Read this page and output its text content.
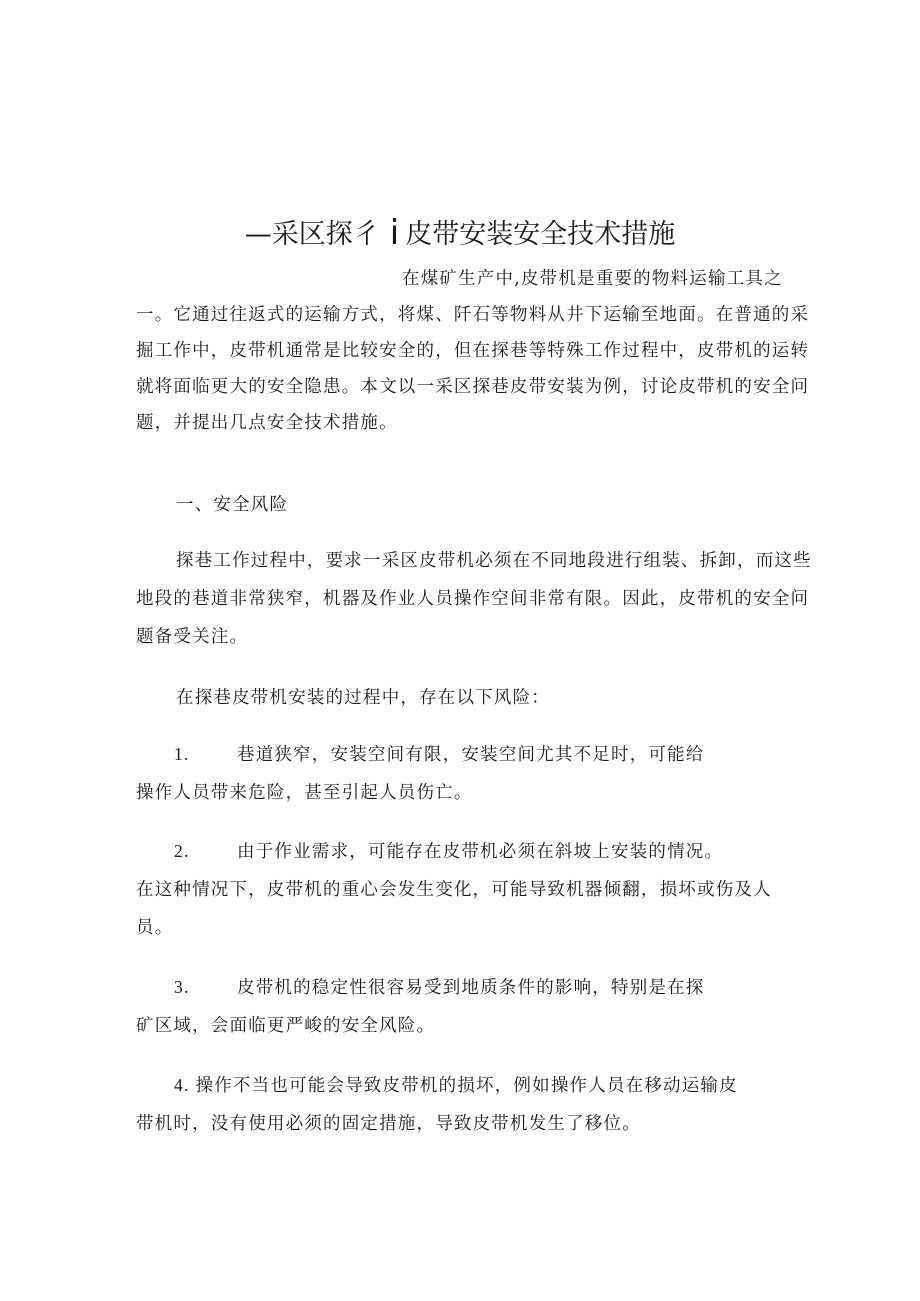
—采区探彳 i 皮带安装安全技术措施

在煤矿生产中,皮带机是重要的物料运输工具之一。它通过往返式的运输方式，将煤、阡石等物料从井下运输至地面。在普通的采掘工作中，皮带机通常是比较安全的，但在探巷等特殊工作过程中，皮带机的运转就将面临更大的安全隐患。本文以一采区探巷皮带安装为例，讨论皮带机的安全问题，并提出几点安全技术措施。

一、安全风险

探巷工作过程中，要求一采区皮带机必须在不同地段进行组装、拆卸，而这些地段的巷道非常狭窄，机器及作业人员操作空间非常有限。因此，皮带机的安全问题备受关注。

在探巷皮带机安装的过程中，存在以下风险：

1.	巷道狭窄，安装空间有限，安装空间尤其不足时，可能给
操作人员带来危险，甚至引起人员伤亡。
2.	由于作业需求，可能存在皮带机必须在斜坡上安装的情况。
在这种情况下，皮带机的重心会发生变化，可能导致机器倾翻，损坏或伤及人员。
3.	皮带机的稳定性很容易受到地质条件的影响，特别是在探
矿区域，会面临更严峻的安全风险。
4. 操作不当也可能会导致皮带机的损坏，例如操作人员在移动运输皮
带机时，没有使用必须的固定措施，导致皮带机发生了移位。
